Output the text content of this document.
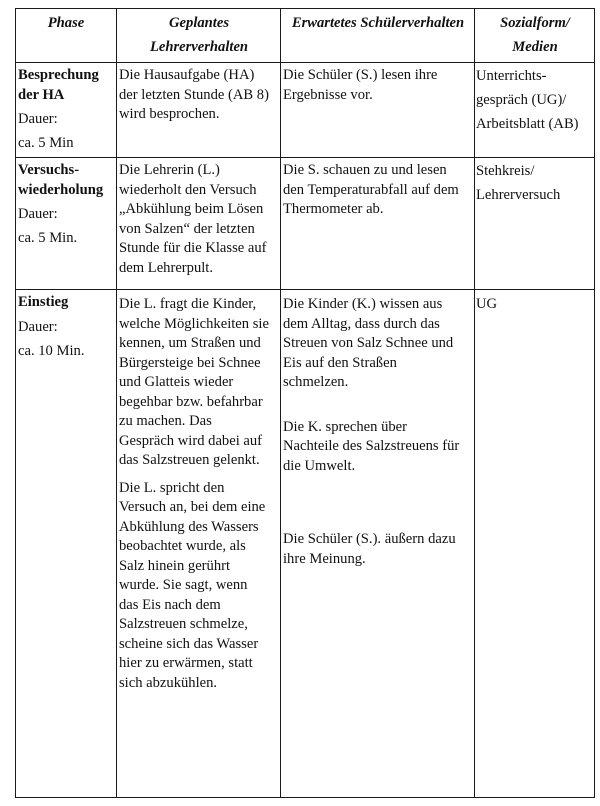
Phase	Geplantes
Lehrerverhalten
Erwartetes Schülerverhalten	Sozialform/
Medien
Besprechung
der HA
Dauer:
ca. 5 Min
Die Hausaufgabe (HA)
der letzten Stunde (AB 8)
wird besprochen.
Die Schüler (S.) lesen ihre
Ergebnisse vor.
Unterrichts-
gespräch (UG)/
Arbeitsblatt (AB)
Versuchs-
wiederholung
Dauer:
ca. 5 Min.
Die Lehrerin (L.)
wiederholt den Versuch
„Abkühlung beim Lösen
von Salzen“ der letzten
Stunde für die Klasse auf
dem Lehrerpult.
Die S. schauen zu und lesen
den Temperaturabfall auf dem
Thermometer ab.
Stehkreis/
Lehrerversuch
Einstieg
Dauer:
ca. 10 Min.
Die L. fragt die Kinder,
welche Möglichkeiten sie
kennen, um Straßen und
Bürgersteige bei Schnee
und Glatteis wieder
begehbar bzw. befahrbar
zu machen. Das
Gespräch wird dabei auf
das Salzstreuen gelenkt.
Die L. spricht den
Versuch an, bei dem eine
Abkühlung des Wassers
beobachtet wurde, als
Salz hinein gerührt
wurde. Sie sagt, wenn
das Eis nach dem
Salzstreuen schmelze,
scheine sich das Wasser
hier zu erwärmen, statt
sich abzukühlen.
Die Kinder (K.) wissen aus
dem Alltag, dass durch das
Streuen von Salz Schnee und
Eis auf den Straßen
schmelzen.
Die K. sprechen über
Nachteile des Salzstreuens für
die Umwelt.
Die Schüler (S.). äußern dazu
ihre Meinung.
UG
